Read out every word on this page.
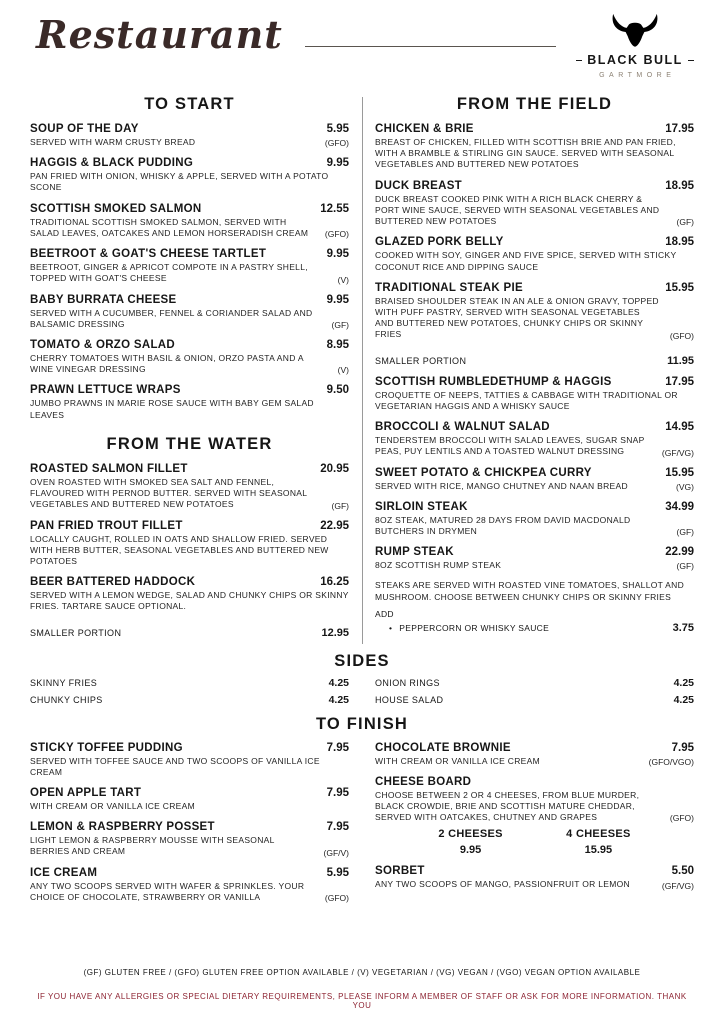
Restaurant
BLACK BULL
GARTMORE
TO START
SOUP OF THE DAY	5.95
SERVED WITH WARM CRUSTY BREAD	(GFO)
HAGGIS & BLACK PUDDING	9.95
PAN FRIED WITH ONION, WHISKY & APPLE, SERVED WITH A POTATO SCONE
SCOTTISH SMOKED SALMON	12.55
TRADITIONAL SCOTTISH SMOKED SALMON, SERVED WITH SALAD LEAVES, OATCAKES AND LEMON HORSERADISH CREAM	(GFO)
BEETROOT & GOAT'S CHEESE TARTLET	9.95
BEETROOT, GINGER & APRICOT COMPOTE IN A PASTRY SHELL, TOPPED WITH GOAT'S CHEESE	(V)
BABY BURRATA CHEESE	9.95
SERVED WITH A CUCUMBER, FENNEL & CORIANDER SALAD AND BALSAMIC DRESSING	(GF)
TOMATO & ORZO SALAD	8.95
CHERRY TOMATOES WITH BASIL & ONION, ORZO PASTA AND A WINE VINEGAR DRESSING	(V)
PRAWN LETTUCE WRAPS	9.50
JUMBO PRAWNS IN MARIE ROSE SAUCE WITH BABY GEM SALAD LEAVES
FROM THE WATER
ROASTED SALMON FILLET	20.95
OVEN ROASTED WITH SMOKED SEA SALT AND FENNEL, FLAVOURED WITH PERNOD BUTTER. SERVED WITH SEASONAL VEGETABLES AND BUTTERED NEW POTATOES	(GF)
PAN FRIED TROUT FILLET	22.95
LOCALLY CAUGHT, ROLLED IN OATS AND SHALLOW FRIED. SERVED WITH HERB BUTTER, SEASONAL VEGETABLES AND BUTTERED NEW POTATOES
BEER BATTERED HADDOCK	16.25
SERVED WITH A LEMON WEDGE, SALAD AND CHUNKY CHIPS OR SKINNY FRIES. TARTARE SAUCE OPTIONAL.
SMALLER PORTION	12.95
FROM THE FIELD
CHICKEN & BRIE	17.95
BREAST OF CHICKEN, FILLED WITH SCOTTISH BRIE AND PAN FRIED, WITH A BRAMBLE & STIRLING GIN SAUCE. SERVED WITH SEASONAL VEGETABLES AND BUTTERED NEW POTATOES
DUCK BREAST	18.95
DUCK BREAST COOKED PINK WITH A RICH BLACK CHERRY & PORT WINE SAUCE, SERVED WITH SEASONAL VEGETABLES AND BUTTERED NEW POTATOES	(GF)
GLAZED PORK BELLY	18.95
COOKED WITH SOY, GINGER AND FIVE SPICE, SERVED WITH STICKY COCONUT RICE AND DIPPING SAUCE
TRADITIONAL STEAK PIE	15.95
BRAISED SHOULDER STEAK IN AN ALE & ONION GRAVY, TOPPED WITH PUFF PASTRY, SERVED WITH SEASONAL VEGETABLES AND BUTTERED NEW POTATOES, CHUNKY CHIPS OR SKINNY FRIES	(GFO)
SMALLER PORTION	11.95
SCOTTISH RUMBLEDETHUMP & HAGGIS	17.95
CROQUETTE OF NEEPS, TATTIES & CABBAGE WITH TRADITIONAL OR VEGETARIAN HAGGIS AND A WHISKY SAUCE
BROCCOLI & WALNUT SALAD	14.95
TENDERSTEM BROCCOLI WITH SALAD LEAVES, SUGAR SNAP PEAS, PUY LENTILS AND A TOASTED WALNUT DRESSING	(GF/VG)
SWEET POTATO & CHICKPEA CURRY	15.95
SERVED WITH RICE, MANGO CHUTNEY AND NAAN BREAD	(VG)
SIRLOIN STEAK	34.99
8OZ STEAK, MATURED 28 DAYS FROM DAVID MACDONALD BUTCHERS IN DRYMEN	(GF)
RUMP STEAK	22.99
8OZ SCOTTISH RUMP STEAK	(GF)
STEAKS ARE SERVED WITH ROASTED VINE TOMATOES, SHALLOT AND MUSHROOM. CHOOSE BETWEEN CHUNKY CHIPS OR SKINNY FRIES
ADD
• PEPPERCORN OR WHISKY SAUCE	3.75
SIDES
SKINNY FRIES	4.25
CHUNKY CHIPS	4.25
ONION RINGS	4.25
HOUSE SALAD	4.25
TO FINISH
STICKY TOFFEE PUDDING	7.95
SERVED WITH TOFFEE SAUCE AND TWO SCOOPS OF VANILLA ICE CREAM
OPEN APPLE TART	7.95
WITH CREAM OR VANILLA ICE CREAM
LEMON & RASPBERRY POSSET	7.95
LIGHT LEMON & RASPBERRY MOUSSE WITH SEASONAL BERRIES AND CREAM	(GF/V)
ICE CREAM	5.95
ANY TWO SCOOPS SERVED WITH WAFER & SPRINKLES. YOUR CHOICE OF CHOCOLATE, STRAWBERRY OR VANILLA	(GFO)
CHOCOLATE BROWNIE	7.95
WITH CREAM OR VANILLA ICE CREAM	(GFO/VGO)
CHEESE BOARD
CHOOSE BETWEEN 2 OR 4 CHEESES, FROM BLUE MURDER, BLACK CROWDIE, BRIE AND SCOTTISH MATURE CHEDDAR, SERVED WITH OATCAKES, CHUTNEY AND GRAPES	(GFO)
2 CHEESES
9.95
4 CHEESES
15.95
SORBET	5.50
ANY TWO SCOOPS OF MANGO, PASSIONFRUIT OR LEMON	(GF/VG)
(GF) GLUTEN FREE / (GFO) GLUTEN FREE OPTION AVAILABLE / (V) VEGETARIAN / (VG) VEGAN / (VGO) VEGAN OPTION AVAILABLE
IF YOU HAVE ANY ALLERGIES OR SPECIAL DIETARY REQUIREMENTS, PLEASE INFORM A MEMBER OF STAFF OR ASK FOR MORE INFORMATION. THANK YOU
